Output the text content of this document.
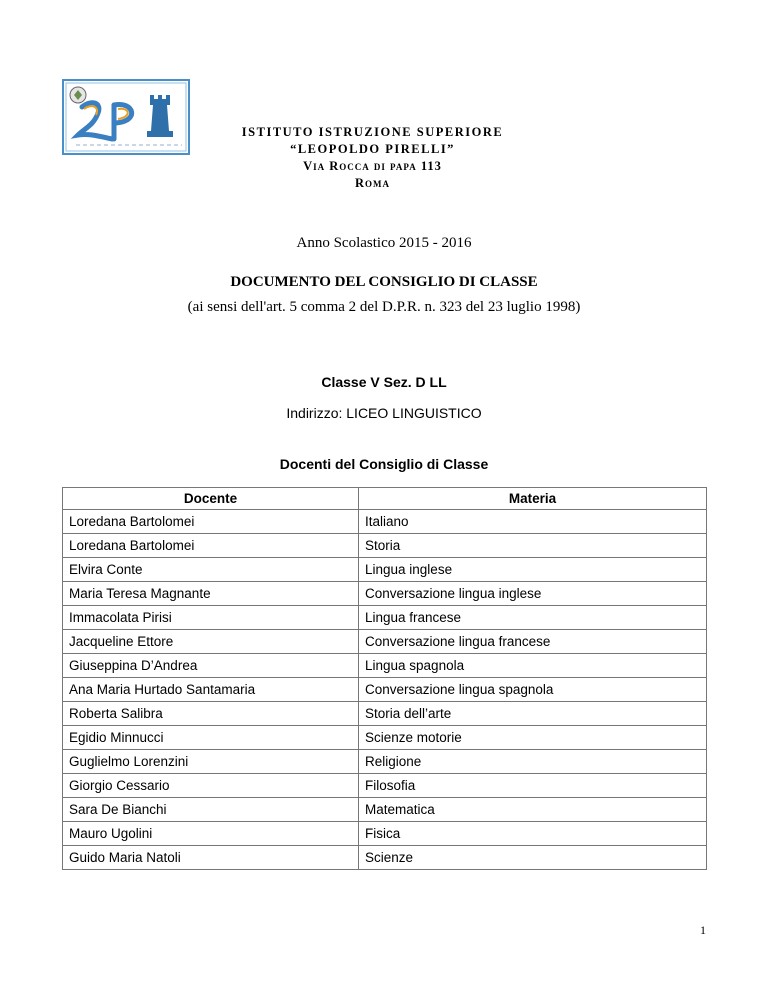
ISTITUTO ISTRUZIONE SUPERIORE
“LEOPOLDO PIRELLI”
Via Rocca di papa 113
Roma
Anno Scolastico 2015 - 2016
DOCUMENTO DEL CONSIGLIO DI CLASSE
(ai sensi dell'art. 5 comma 2 del D.P.R. n. 323 del 23 luglio 1998)
Classe V Sez. D LL
Indirizzo: LICEO LINGUISTICO
Docenti del Consiglio di Classe
Docente	Materia
Loredana Bartolomei	Italiano
Loredana Bartolomei	Storia
Elvira Conte	Lingua inglese
Maria Teresa Magnante	Conversazione lingua inglese
Immacolata Pirisi	Lingua francese
Jacqueline Ettore	Conversazione lingua francese
Giuseppina D’Andrea	Lingua spagnola
Ana Maria Hurtado Santamaria	Conversazione lingua spagnola
Roberta Salibra	Storia dell’arte
Egidio Minnucci	Scienze motorie
Guglielmo Lorenzini	Religione
Giorgio Cessario	Filosofia
Sara De Bianchi	Matematica
Mauro Ugolini	Fisica
Guido Maria Natoli	Scienze
1
